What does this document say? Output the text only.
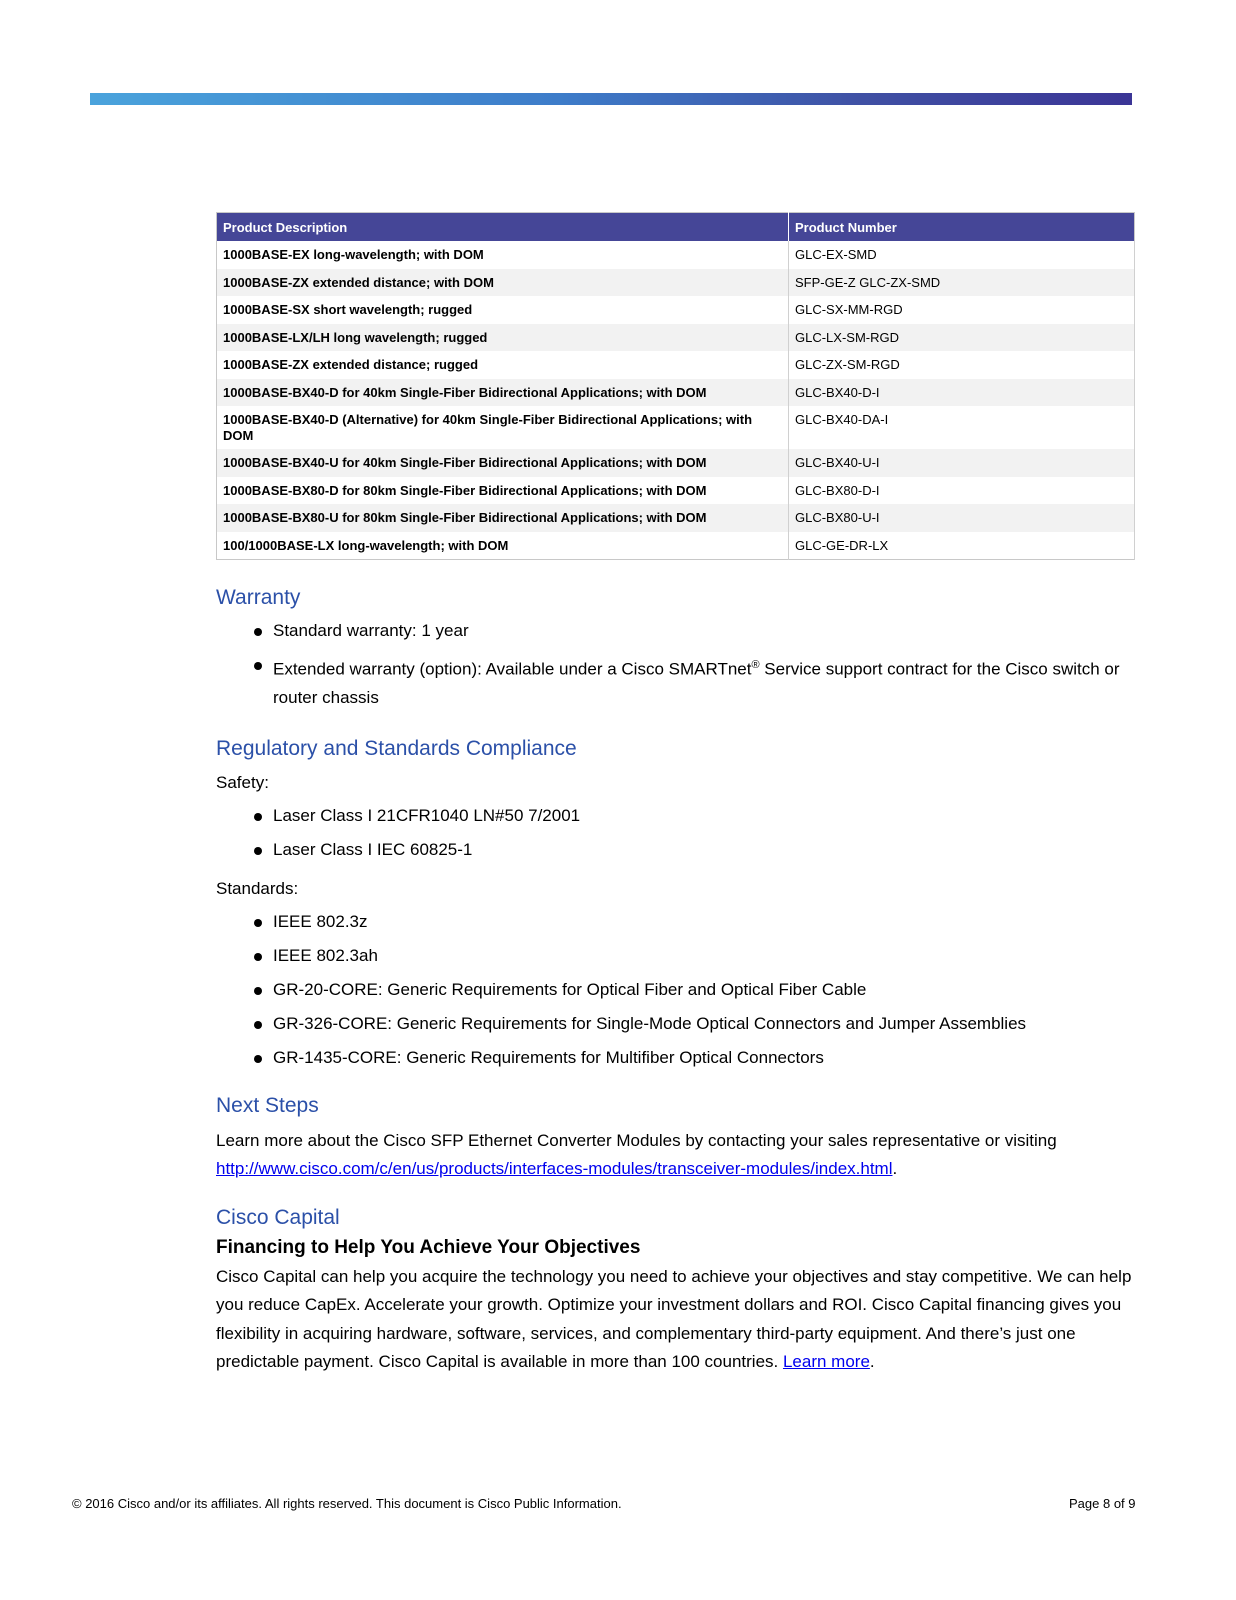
Product Description	Product Number
1000BASE-EX long-wavelength; with DOM	GLC-EX-SMD
1000BASE-ZX extended distance; with DOM	SFP-GE-Z GLC-ZX-SMD
1000BASE-SX short wavelength; rugged	GLC-SX-MM-RGD
1000BASE-LX/LH long wavelength; rugged	GLC-LX-SM-RGD
1000BASE-ZX extended distance; rugged	GLC-ZX-SM-RGD
1000BASE-BX40-D for 40km Single-Fiber Bidirectional Applications; with DOM	GLC-BX40-D-I
1000BASE-BX40-D (Alternative) for 40km Single-Fiber Bidirectional Applications; with DOM	GLC-BX40-DA-I
1000BASE-BX40-U for 40km Single-Fiber Bidirectional Applications; with DOM	GLC-BX40-U-I
1000BASE-BX80-D for 80km Single-Fiber Bidirectional Applications; with DOM	GLC-BX80-D-I
1000BASE-BX80-U for 80km Single-Fiber Bidirectional Applications; with DOM	GLC-BX80-U-I
100/1000BASE-LX long-wavelength; with DOM	GLC-GE-DR-LX
Warranty
Standard warranty: 1 year
Extended warranty (option): Available under a Cisco SMARTnet® Service support contract for the Cisco switch or router chassis
Regulatory and Standards Compliance
Safety:
Laser Class I 21CFR1040 LN#50 7/2001
Laser Class I IEC 60825-1
Standards:
IEEE 802.3z
IEEE 802.3ah
GR-20-CORE: Generic Requirements for Optical Fiber and Optical Fiber Cable
GR-326-CORE: Generic Requirements for Single-Mode Optical Connectors and Jumper Assemblies
GR-1435-CORE: Generic Requirements for Multifiber Optical Connectors
Next Steps

Learn more about the Cisco SFP Ethernet Converter Modules by contacting your sales representative or visiting http://www.cisco.com/c/en/us/products/interfaces-modules/transceiver-modules/index.html.

Cisco Capital
Financing to Help You Achieve Your Objectives

Cisco Capital can help you acquire the technology you need to achieve your objectives and stay competitive. We can help you reduce CapEx. Accelerate your growth. Optimize your investment dollars and ROI. Cisco Capital financing gives you flexibility in acquiring hardware, software, services, and complementary third-party equipment. And there’s just one predictable payment. Cisco Capital is available in more than 100 countries. Learn more.

© 2016 Cisco and/or its affiliates. All rights reserved. This document is Cisco Public Information.	Page 8 of 9
